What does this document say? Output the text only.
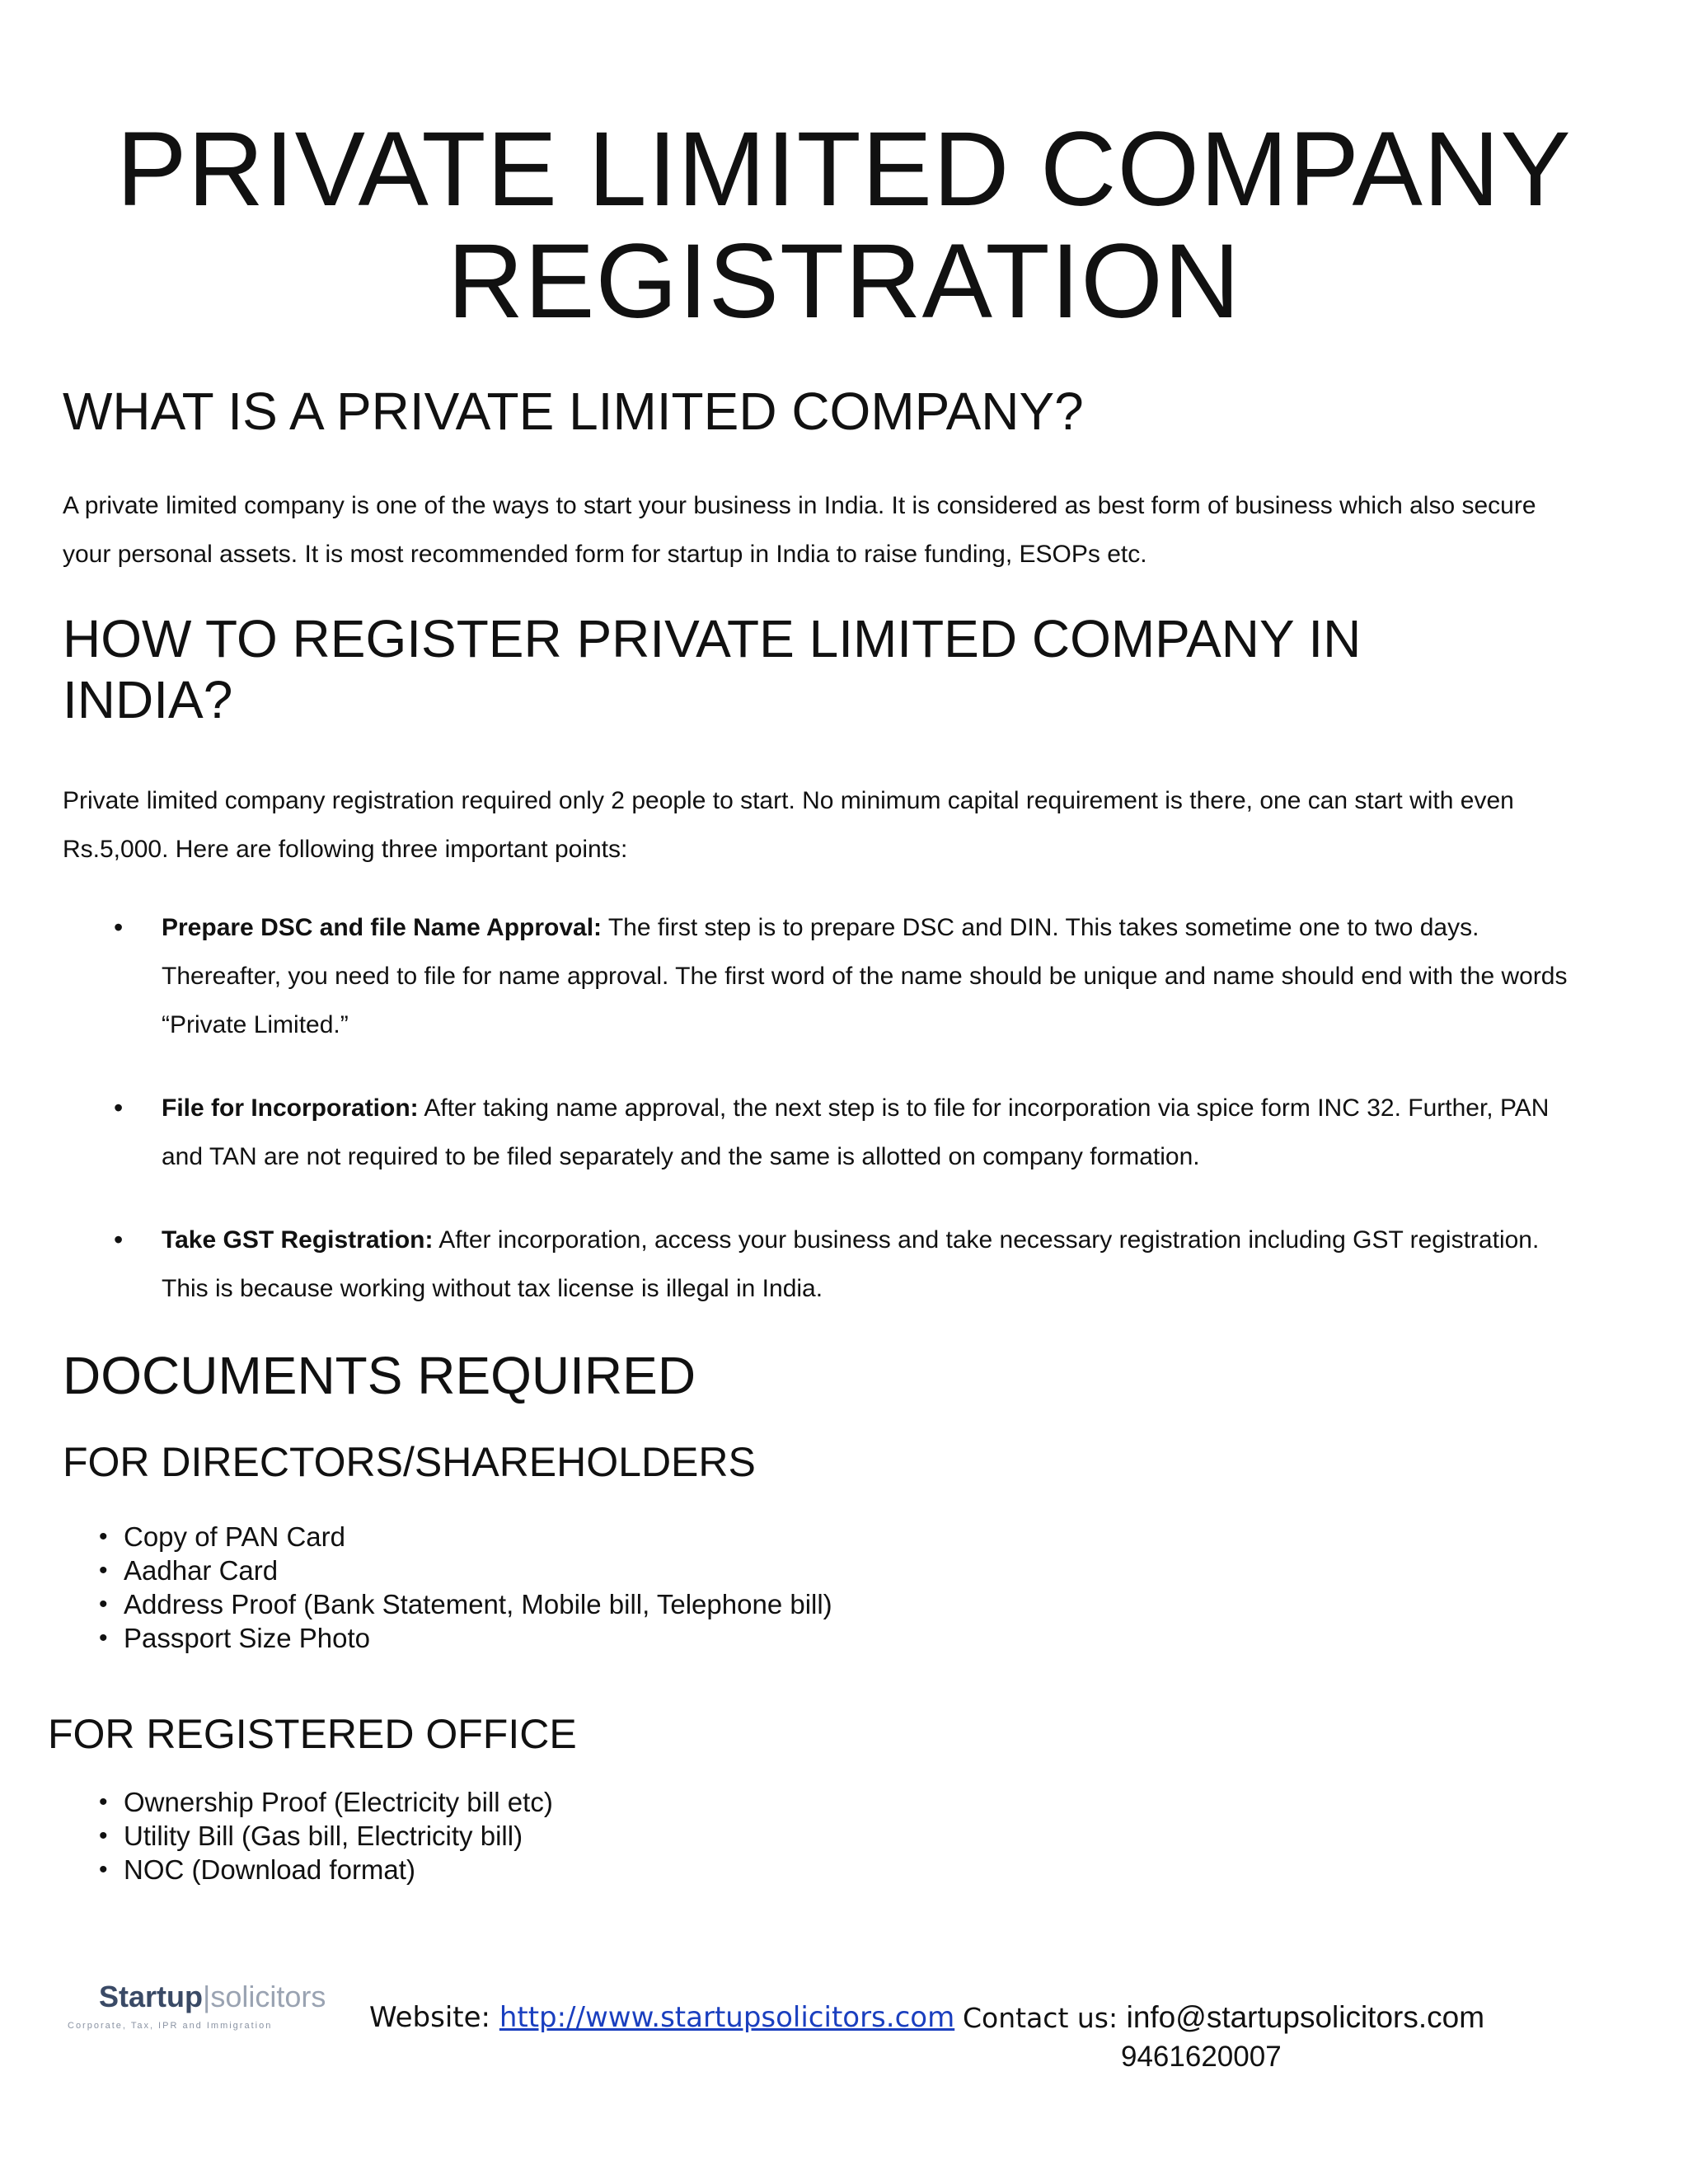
PRIVATE LIMITED COMPANY
REGISTRATION
WHAT IS A PRIVATE LIMITED COMPANY?

A private limited company is one of the ways to start your business in India. It is considered as best form of business which also secure your personal assets. It is most recommended form for startup in India to raise funding, ESOPs etc.

HOW TO REGISTER PRIVATE LIMITED COMPANY IN
INDIA?

Private limited company registration required only 2 people to start. No minimum capital requirement is there, one can start with even Rs.5,000. Here are following three important points:

• Prepare DSC and file Name Approval: The first step is to prepare DSC and DIN. This takes sometime one to two days. Thereafter, you need to file for name approval. The first word of the name should be unique and name should end with the words “Private Limited.”
• File for Incorporation: After taking name approval, the next step is to file for incorporation via spice form INC 32. Further, PAN and TAN are not required to be filed separately and the same is allotted on company formation.
• Take GST Registration: After incorporation, access your business and take necessary registration including GST registration. This is because working without tax license is illegal in India.
DOCUMENTS REQUIRED
FOR DIRECTORS/SHAREHOLDERS
• Copy of PAN Card
• Aadhar Card
• Address Proof (Bank Statement, Mobile bill, Telephone bill)
• Passport Size Photo
FOR REGISTERED OFFICE
• Ownership Proof (Electricity bill etc)
• Utility Bill (Gas bill, Electricity bill)
• NOC (Download format)
Startup|solicitors
Corporate, Tax, IPR and Immigration	Website: http://www.startupsolicitors.com Contact us: info@startupsolicitors.com
9461620007
